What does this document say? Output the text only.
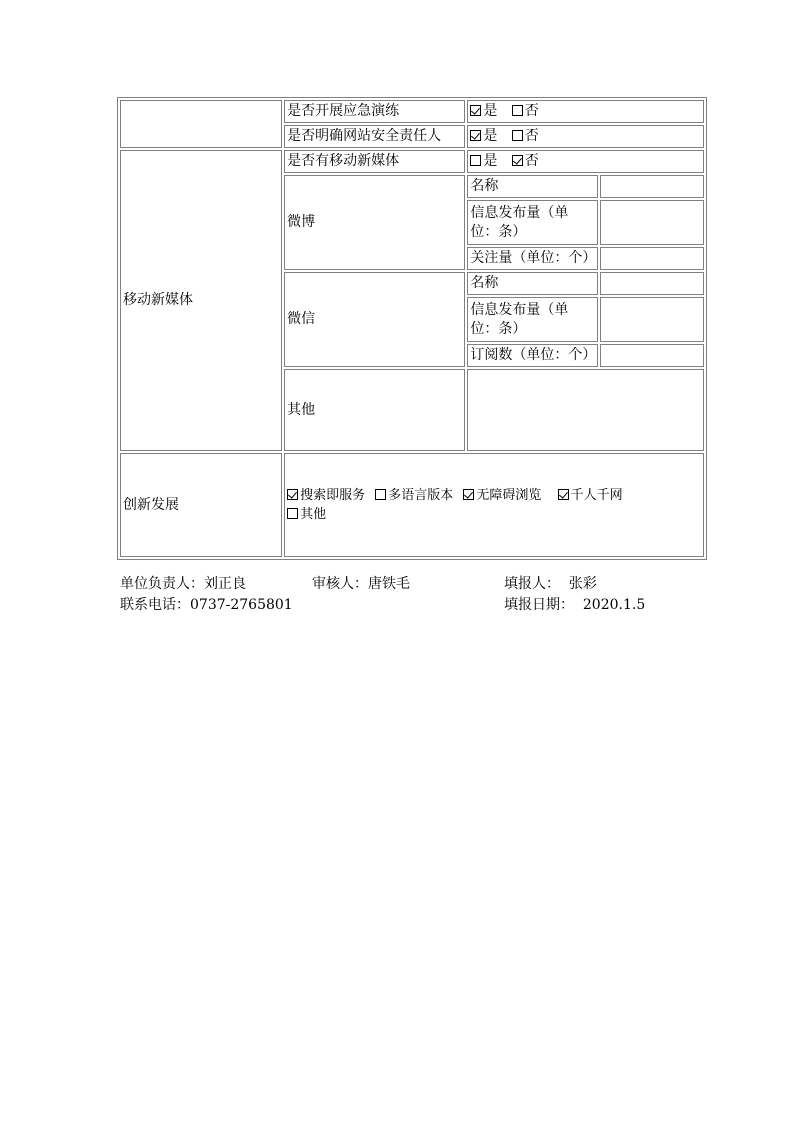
	是否开展应急演练	是 否	
	是否明确网站安全责任人	是 否	
移动新媒体	是否有移动新媒体	是 否	
	微博	名称	
		信息发布量（单位：条）	
		关注量（单位：个）	
	微信	名称	
		信息发布量（单位：条）	
		订阅数（单位：个）	
	其他		
创新发展	搜索即服务 多语言版本 无障碍浏览 千人千网
其他		
单位负责人：刘正良	审核人：唐铁毛	填报人：  张彩
联系电话：0737-2765801	填报日期：  2020.1.5
